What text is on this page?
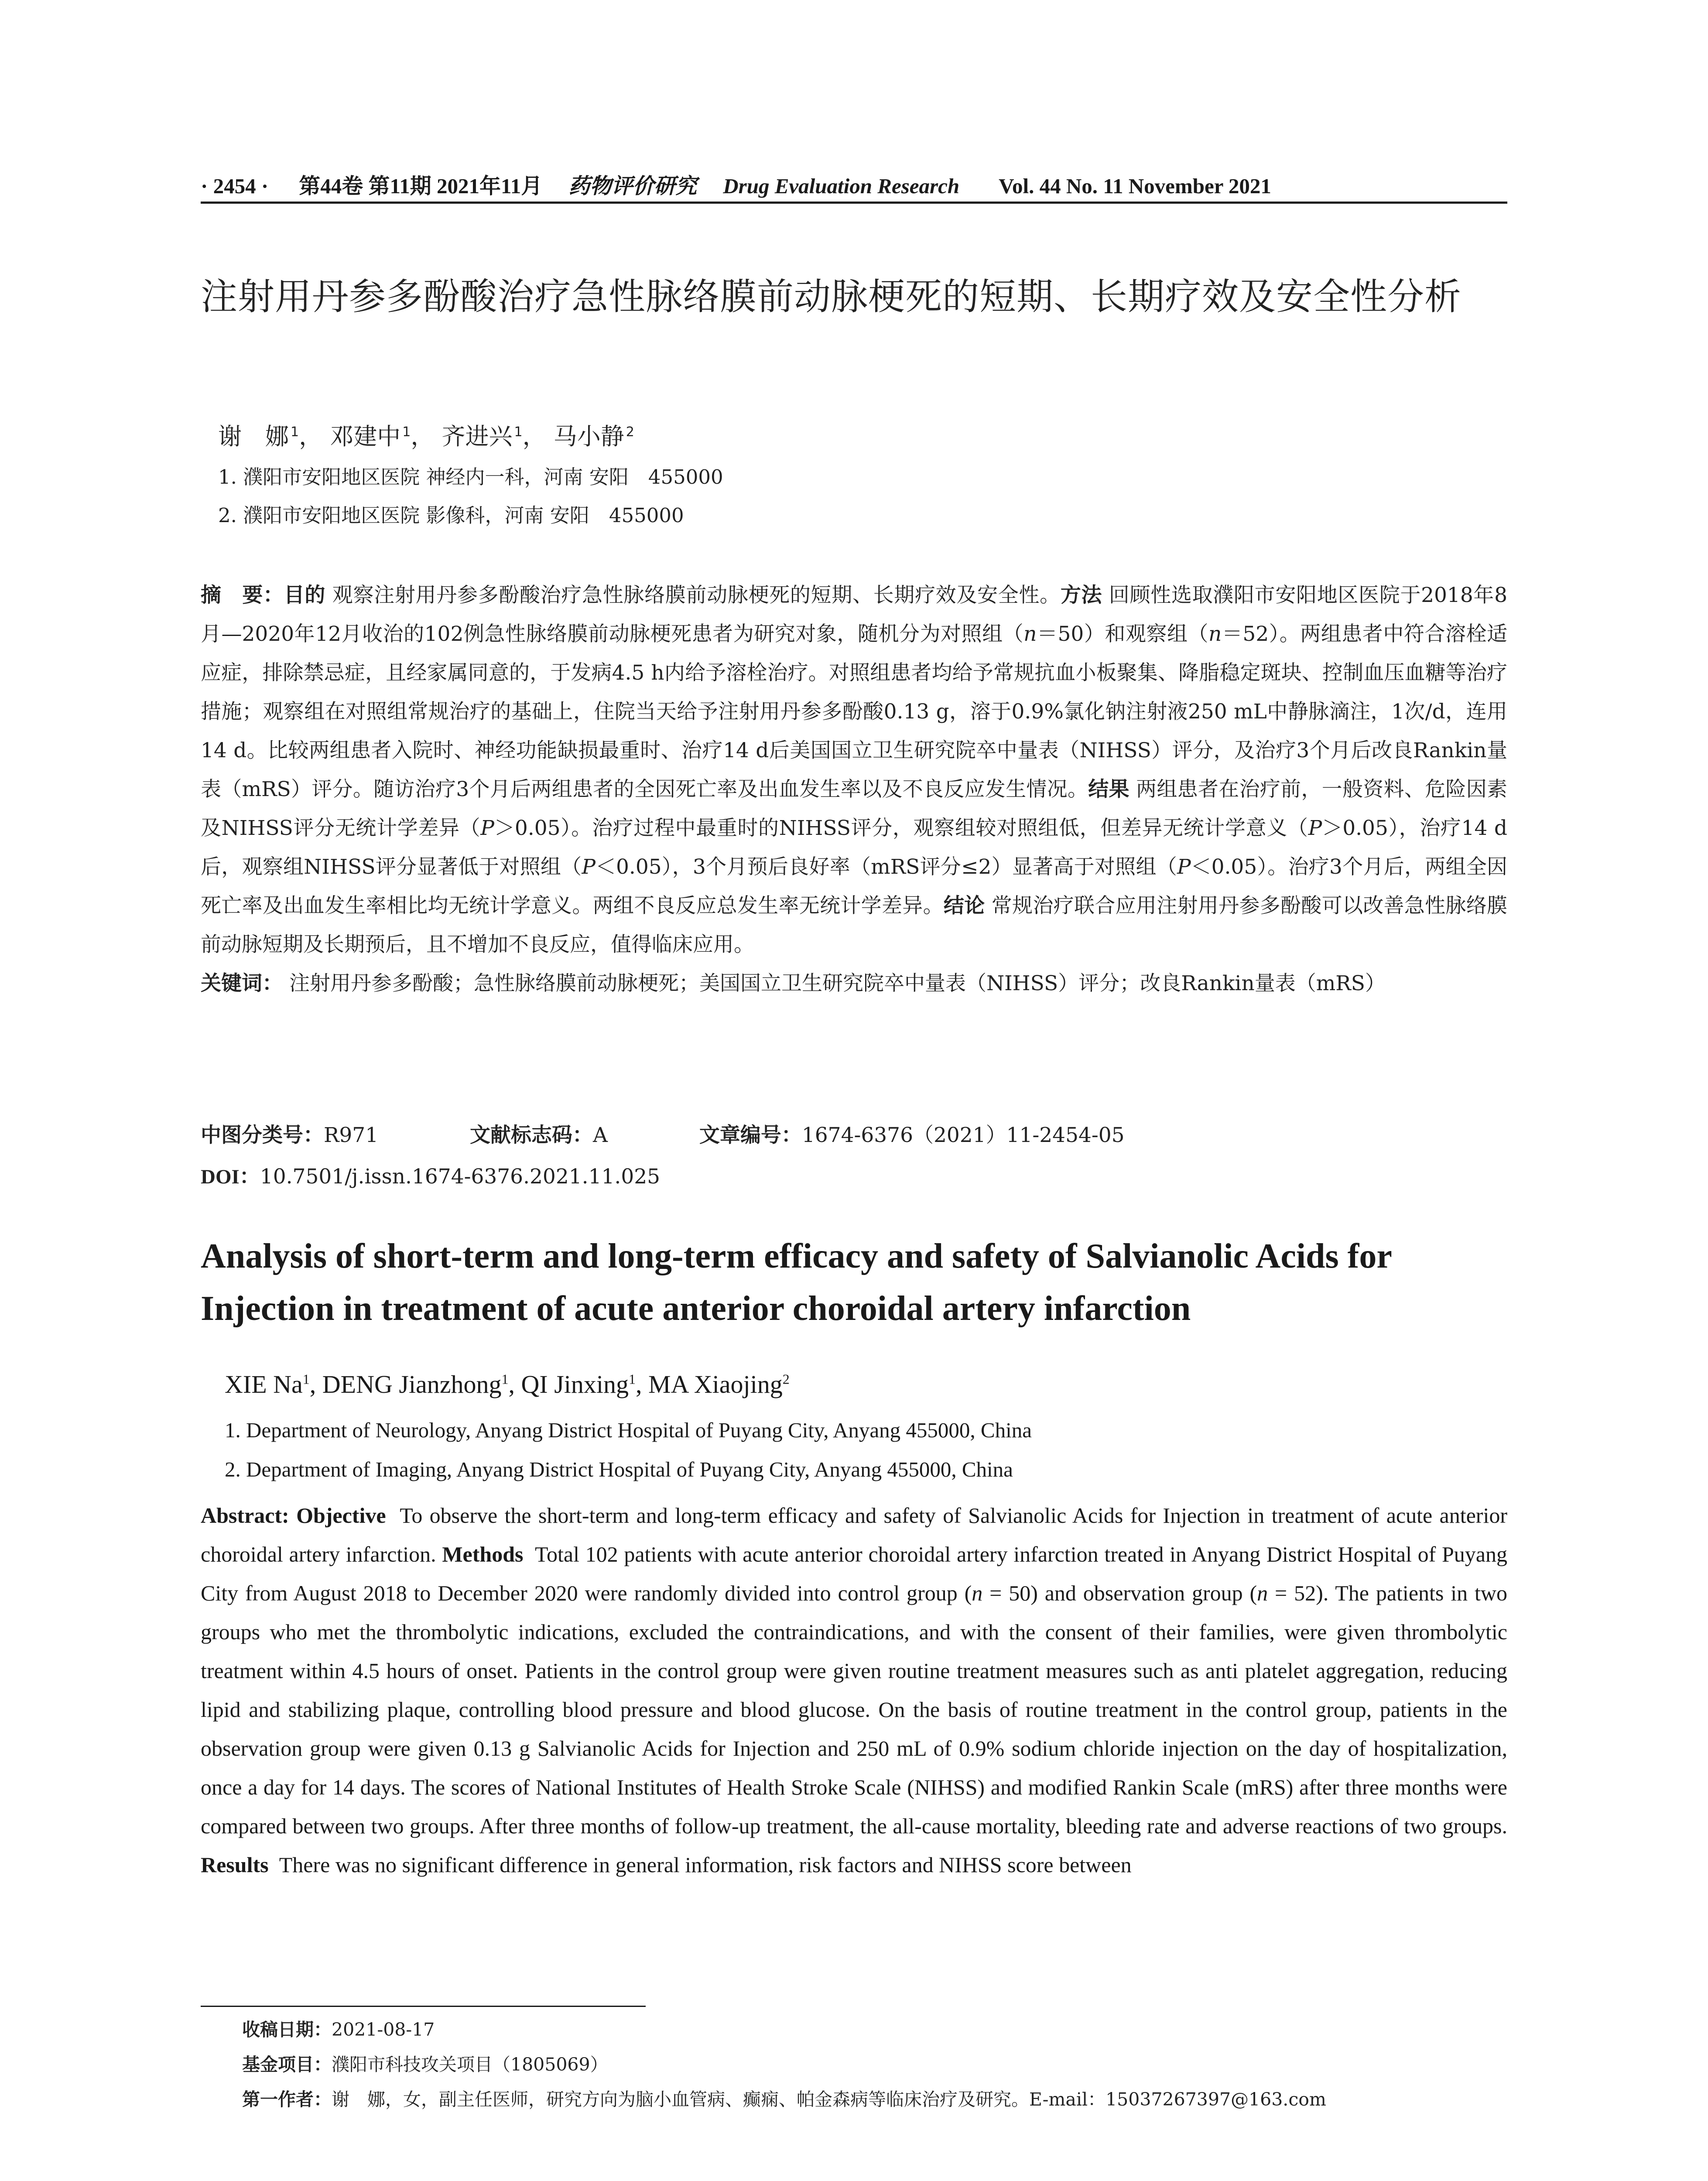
· 2454 · 第44卷 第11期 2021年11月 药物评价研究 Drug Evaluation Research Vol. 44 No. 11 November 2021
注射用丹参多酚酸治疗急性脉络膜前动脉梗死的短期、长期疗效及安全性分析
谢　娜 $^1$， 邓建中 $^1$， 齐进兴 $^1$， 马小静 $^2$
1. 濮阳市安阳地区医院 神经内一科，河南 安阳　455000
2. 濮阳市安阳地区医院 影像科，河南 安阳　455000
摘　要：目的 观察注射用丹参多酚酸治疗急性脉络膜前动脉梗死的短期、长期疗效及安全性。方法 回顾性选取濮阳市安阳地区医院于2018年8月—2020年12月收治的102例急性脉络膜前动脉梗死患者为研究对象，随机分为对照组（n＝50）和观察组（n＝52）。两组患者中符合溶栓适应症，排除禁忌症，且经家属同意的，于发病4.5 h内给予溶栓治疗。对照组患者均给予常规抗血小板聚集、降脂稳定斑块、控制血压血糖等治疗措施；观察组在对照组常规治疗的基础上，住院当天给予注射用丹参多酚酸0.13 g，溶于0.9%氯化钠注射液250 mL中静脉滴注，1次/d，连用14 d。比较两组患者入院时、神经功能缺损最重时、治疗14 d后美国国立卫生研究院卒中量表（NIHSS）评分，及治疗3个月后改良Rankin量表（mRS）评分。随访治疗3个月后两组患者的全因死亡率及出血发生率以及不良反应发生情况。结果 两组患者在治疗前，一般资料、危险因素及NIHSS评分无统计学差异（P＞0.05）。治疗过程中最重时的NIHSS评分，观察组较对照组低，但差异无统计学意义（P＞0.05），治疗14 d后，观察组NIHSS评分显著低于对照组（P＜0.05），3个月预后良好率（mRS评分≤2）显著高于对照组（P＜0.05）。治疗3个月后，两组全因死亡率及出血发生率相比均无统计学意义。两组不良反应总发生率无统计学差异。结论 常规治疗联合应用注射用丹参多酚酸可以改善急性脉络膜前动脉短期及长期预后，且不增加不良反应，值得临床应用。
关键词： 注射用丹参多酚酸；急性脉络膜前动脉梗死；美国国立卫生研究院卒中量表（NIHSS）评分；改良Rankin量表（mRS）
中图分类号：R971	文献标志码：A	文章编号：1674-6376（2021）11-2454-05
DOI：10.7501/j.issn.1674-6376.2021.11.025
Analysis of short-term and long-term efficacy and safety of Salvianolic Acids for Injection in treatment of acute anterior choroidal artery infarction
XIE Na$^1$, DENG Jianzhong$^1$, QI Jinxing$^1$, MA Xiaojing$^2$
1. Department of Neurology, Anyang District Hospital of Puyang City, Anyang 455000, China
2. Department of Imaging, Anyang District Hospital of Puyang City, Anyang 455000, China
Abstract: Objective To observe the short-term and long-term efficacy and safety of Salvianolic Acids for Injection in treatment of acute anterior choroidal artery infarction. Methods Total 102 patients with acute anterior choroidal artery infarction treated in Anyang District Hospital of Puyang City from August 2018 to December 2020 were randomly divided into control group (n = 50) and observation group (n = 52). The patients in two groups who met the thrombolytic indications, excluded the contraindications, and with the consent of their families, were given thrombolytic treatment within 4.5 hours of onset. Patients in the control group were given routine treatment measures such as anti platelet aggregation, reducing lipid and stabilizing plaque, controlling blood pressure and blood glucose. On the basis of routine treatment in the control group, patients in the observation group were given 0.13 g Salvianolic Acids for Injection and 250 mL of 0.9% sodium chloride injection on the day of hospitalization, once a day for 14 days. The scores of National Institutes of Health Stroke Scale (NIHSS) and modified Rankin Scale (mRS) after three months were compared between two groups. After three months of follow-up treatment, the all-cause mortality, bleeding rate and adverse reactions of two groups. Results There was no significant difference in general information, risk factors and NIHSS score between
收稿日期：2021-08-17
基金项目：濮阳市科技攻关项目（1805069）
第一作者：谢　娜，女，副主任医师，研究方向为脑小血管病、癫痫、帕金森病等临床治疗及研究。E-mail：15037267397@163.com
